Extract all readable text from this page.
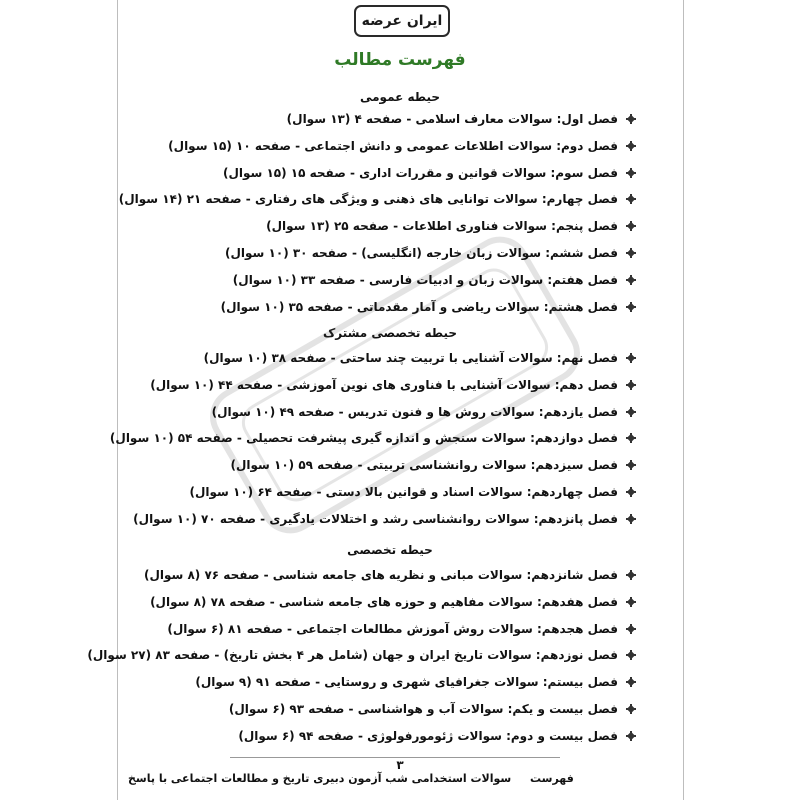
ایران عرضه
فهرست مطالب
حیطه عمومی
حیطه تخصصی مشترک
حیطه تخصصی
فصل اول: سوالات معارف اسلامی - صفحه ۴ (۱۳ سوال)
فصل دوم: سوالات اطلاعات عمومی و دانش اجتماعی - صفحه ۱۰ (۱۵ سوال)
فصل سوم: سوالات قوانین و مقررات اداری - صفحه ۱۵ (۱۵ سوال)
فصل چهارم: سوالات توانایی های ذهنی و ویژگی های رفتاری - صفحه ۲۱ (۱۴ سوال)
فصل پنجم: سوالات فناوری اطلاعات - صفحه ۲۵ (۱۳ سوال)
فصل ششم: سوالات زبان خارجه (انگلیسی) - صفحه ۳۰ (۱۰ سوال)
فصل هفتم: سوالات زبان و ادبیات فارسی - صفحه ۳۳ (۱۰ سوال)
فصل هشتم: سوالات ریاضی و آمار مقدماتی - صفحه ۳۵ (۱۰ سوال)
فصل نهم: سوالات آشنایی با تربیت چند ساحتی - صفحه ۳۸ (۱۰ سوال)
فصل دهم: سوالات آشنایی با فناوری های نوین آموزشی - صفحه ۴۴ (۱۰ سوال)
فصل یازدهم: سوالات روش ها و فنون تدریس - صفحه ۴۹ (۱۰ سوال)
فصل دوازدهم: سوالات سنجش و اندازه گیری پیشرفت تحصیلی - صفحه ۵۴ (۱۰ سوال)
فصل سیزدهم: سوالات روانشناسی تربیتی - صفحه ۵۹ (۱۰ سوال)
فصل چهاردهم: سوالات اسناد و قوانین بالا دستی - صفحه ۶۴ (۱۰ سوال)
فصل پانزدهم: سوالات روانشناسی رشد و اختلالات یادگیری - صفحه ۷۰ (۱۰ سوال)
فصل شانزدهم: سوالات مبانی و نظریه های جامعه شناسی - صفحه ۷۶ (۸ سوال)
فصل هفدهم: سوالات مفاهیم و حوزه های جامعه شناسی - صفحه ۷۸ (۸ سوال)
فصل هجدهم: سوالات روش آموزش مطالعات اجتماعی - صفحه ۸۱ (۶ سوال)
فصل نوزدهم: سوالات تاریخ ایران و جهان (شامل هر ۴ بخش تاریخ) - صفحه ۸۳ (۲۷ سوال)
فصل بیستم: سوالات جغرافیای شهری و روستایی - صفحه ۹۱ (۹ سوال)
فصل بیست و یکم: سوالات آب و هواشناسی - صفحه ۹۳ (۶ سوال)
فصل بیست و دوم: سوالات ژئومورفولوژی - صفحه ۹۴ (۶ سوال)
۳
سوالات استخدامی شب آزمون دبیری تاریخ و مطالعات اجتماعی با پاسخ فهرست
